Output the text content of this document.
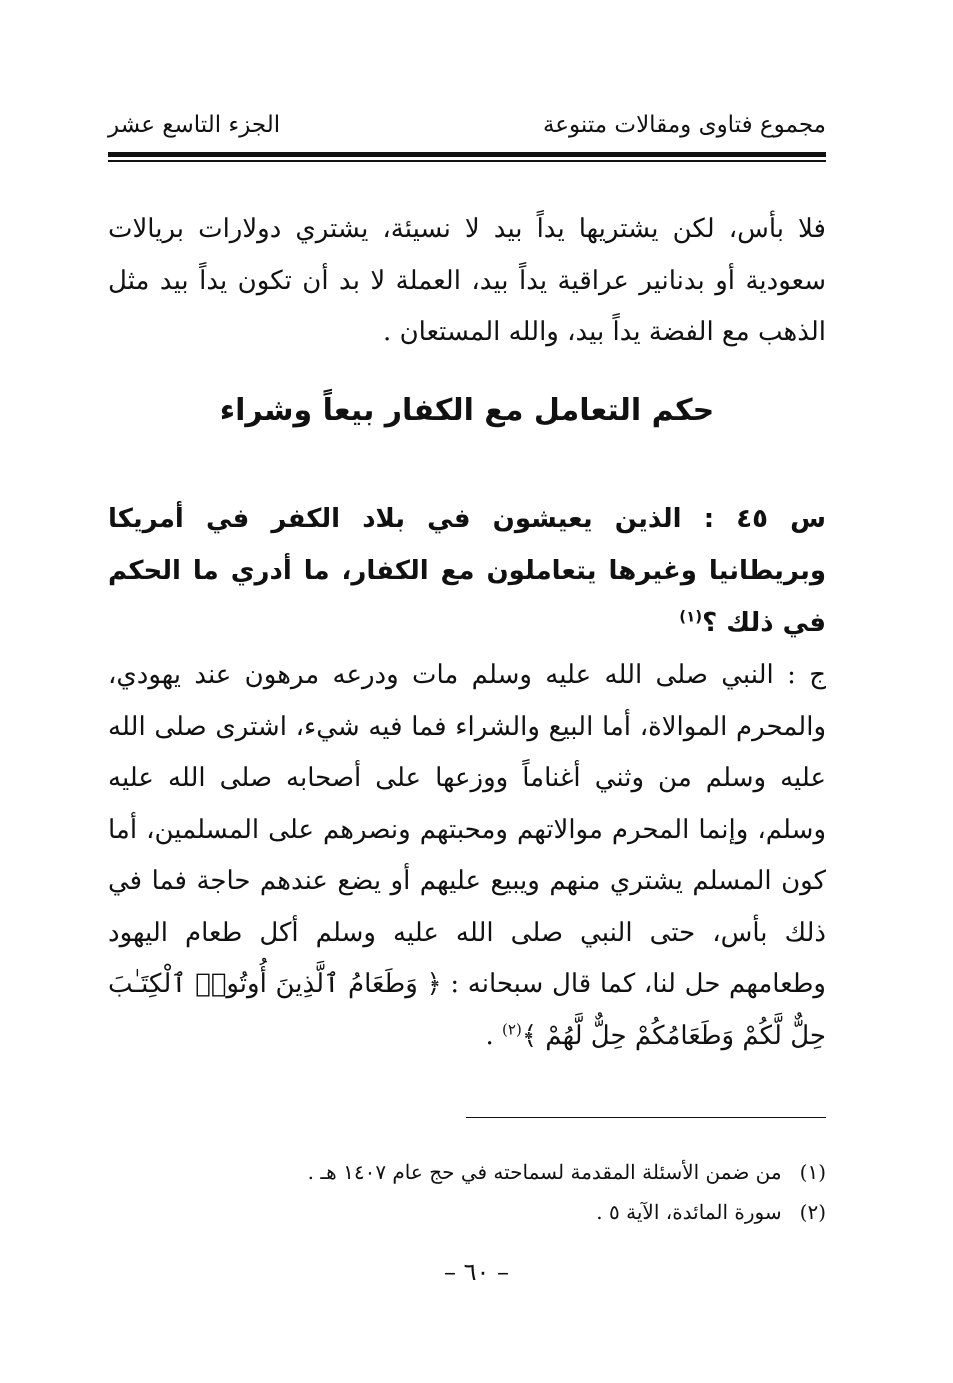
مجموع فتاوى ومقالات متنوعة
الجزء التاسع عشر

فلا بأس، لكن يشتريها يداً بيد لا نسيئة، يشتري دولارات بريالات سعودية أو بدنانير عراقية يداً بيد، العملة لا بد أن تكون يداً بيد مثل الذهب مع الفضة يداً بيد، والله المستعان .

حكم التعامل مع الكفار بيعاً وشراء

س ٤٥ : الذين يعيشون في بلاد الكفر في أمريكا وبريطانيا وغيرها يتعاملون مع الكفار، ما أدري ما الحكم في ذلك ؟$^{(١)}$

ج : النبي صلى الله عليه وسلم مات ودرعه مرهون عند يهودي، والمحرم الموالاة، أما البيع والشراء فما فيه شيء، اشترى صلى الله عليه وسلم من وثني أغناماً ووزعها على أصحابه صلى الله عليه وسلم، وإنما المحرم موالاتهم ومحبتهم ونصرهم على المسلمين، أما كون المسلم يشتري منهم ويبيع عليهم أو يضع عندهم حاجة فما في ذلك بأس، حتى النبي صلى الله عليه وسلم أكل طعام اليهود وطعامهم حل لنا، كما قال سبحانه : ﴿ وَطَعَامُ ٱلَّذِينَ أُوتُوا۟ ٱلْكِتَـٰبَ حِلٌّ لَّكُمْ وَطَعَامُكُمْ حِلٌّ لَّهُمْ ﴾$^{(٢)}$ .

(١)
من ضمن الأسئلة المقدمة لسماحته في حج عام ١٤٠٧ هـ .
(٢)
سورة المائدة، الآية ٥ .
– ٦٠ –
